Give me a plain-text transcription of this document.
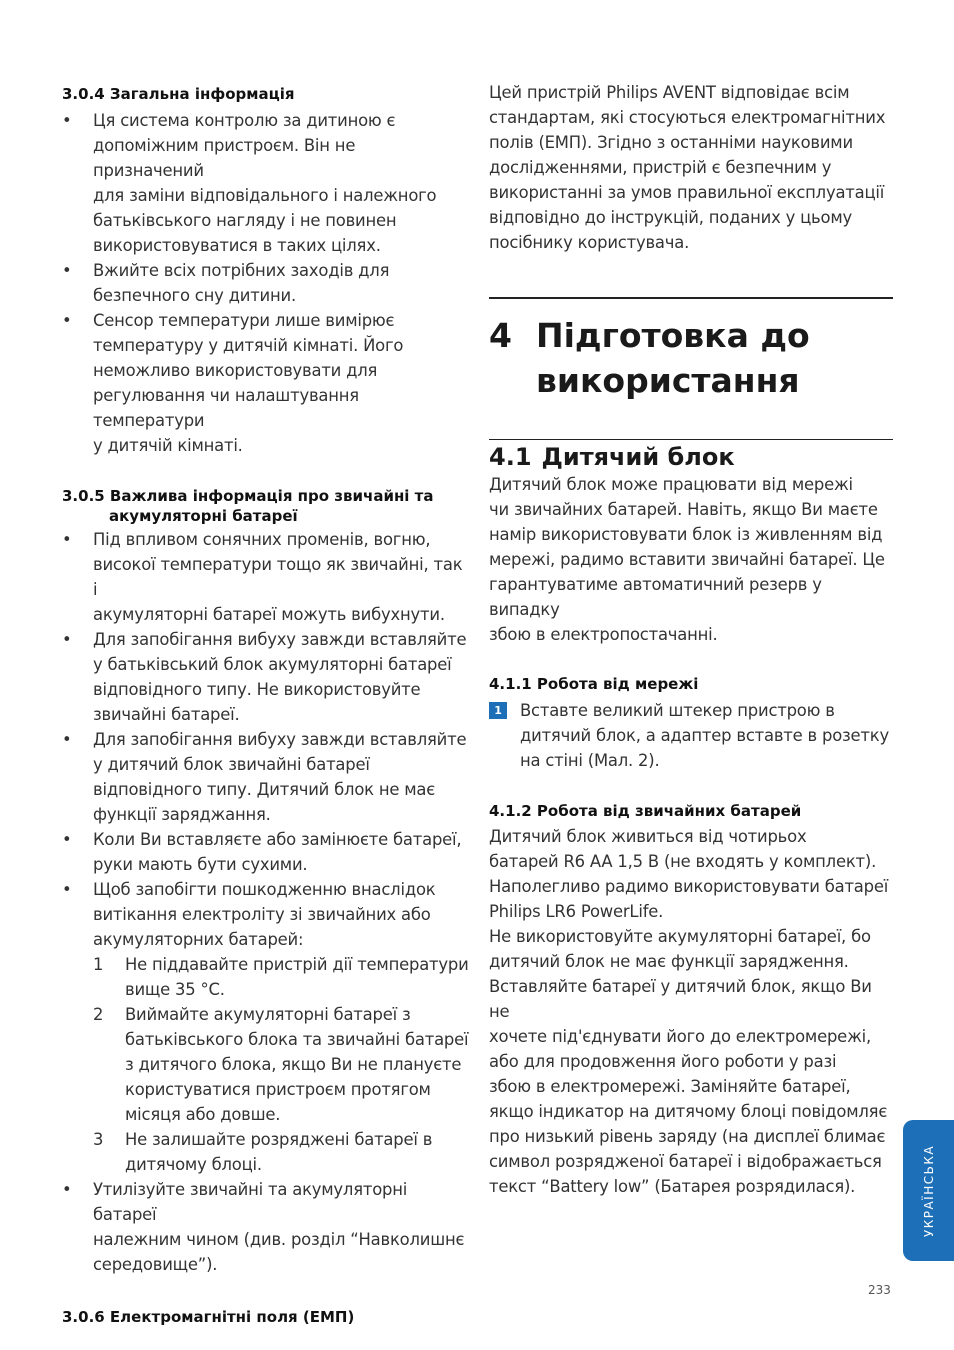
3.0.4 Загальна інформація
• Ця система контролю за дитиною є
допоміжним пристроєм. Він не призначений
для заміни відповідального і належного
батьківського нагляду і не повинен
використовуватися в таких цілях.
• Вжийте всіх потрібних заходів для
безпечного сну дитини.
• Сенсор температури лише вимірює
температуру у дитячій кімнаті. Його
неможливо використовувати для
регулювання чи налаштування температури
у дитячій кімнаті.
3.0.5 Важлива інформація про звичайні та
акумуляторні батареї
• Під впливом сонячних променів, вогню,
високої температури тощо як звичайні, так і
акумуляторні батареї можуть вибухнути.
• Для запобігання вибуху завжди вставляйте
у батьківський блок акумуляторні батареї
відповідного типу. Не використовуйте
звичайні батареї.
• Для запобігання вибуху завжди вставляйте
у дитячий блок звичайні батареї
відповідного типу. Дитячий блок не має
функції заряджання.
• Коли Ви вставляєте або замінюєте батареї,
руки мають бути сухими.
• Щоб запобігти пошкодженню внаслідок
витікання електроліту зі звичайних або
акумуляторних батарей:
1 Не піддавайте пристрій дії температури
вище 35 °C.
2 Виймайте акумуляторні батареї з
батьківського блока та звичайні батареї
з дитячого блока, якщо Ви не плануєте
користуватися пристроєм протягом
місяця або довше.
3 Не залишайте розряджені батареї в
дитячому блоці.
• Утилізуйте звичайні та акумуляторні батареї
належним чином (див. розділ “Навколишнє
середовище”).
3.0.6 Електромагнітні поля (ЕМП)

Цей пристрій Philips AVENT відповідає всім
стандартам, які стосуються електромагнітних
полів (ЕМП). Згідно з останніми науковими
дослідженнями, пристрій є безпечним у
використанні за умов правильної експлуатації
відповідно до інструкцій, поданих у цьому
посібнику користувача.

4 Підготовка до
використання
4.1 Дитячий блок

Дитячий блок може працювати від мережі
чи звичайних батарей. Навіть, якщо Ви маєте
намір використовувати блок із живленням від
мережі, радимо вставити звичайні батареї. Це
гарантуватиме автоматичний резерв у випадку
збою в електропостачанні.

4.1.1 Робота від мережі
1	Вставте великий штекер пристрою в
дитячий блок, а адаптер вставте в розетку
на стіні (Мал. 2).
4.1.2 Робота від звичайних батарей

Дитячий блок живиться від чотирьох
батарей R6 AA 1,5 В (не входять у комплект).
Наполегливо радимо використовувати батареї
Philips LR6 PowerLife.
Не використовуйте акумуляторні батареї, бо
дитячий блок не має функції зарядження.
Вставляйте батареї у дитячий блок, якщо Ви не
хочете під'єднувати його до електромережі,
або для продовження його роботи у разі
збою в електромережі. Заміняйте батареї,
якщо індикатор на дитячому блоці повідомляє
про низький рівень заряду (на дисплеї блимає
символ розрядженої батареї і відображається
текст “Battery low” (Батарея розрядилася).	УКРАЇНСЬКА
233
